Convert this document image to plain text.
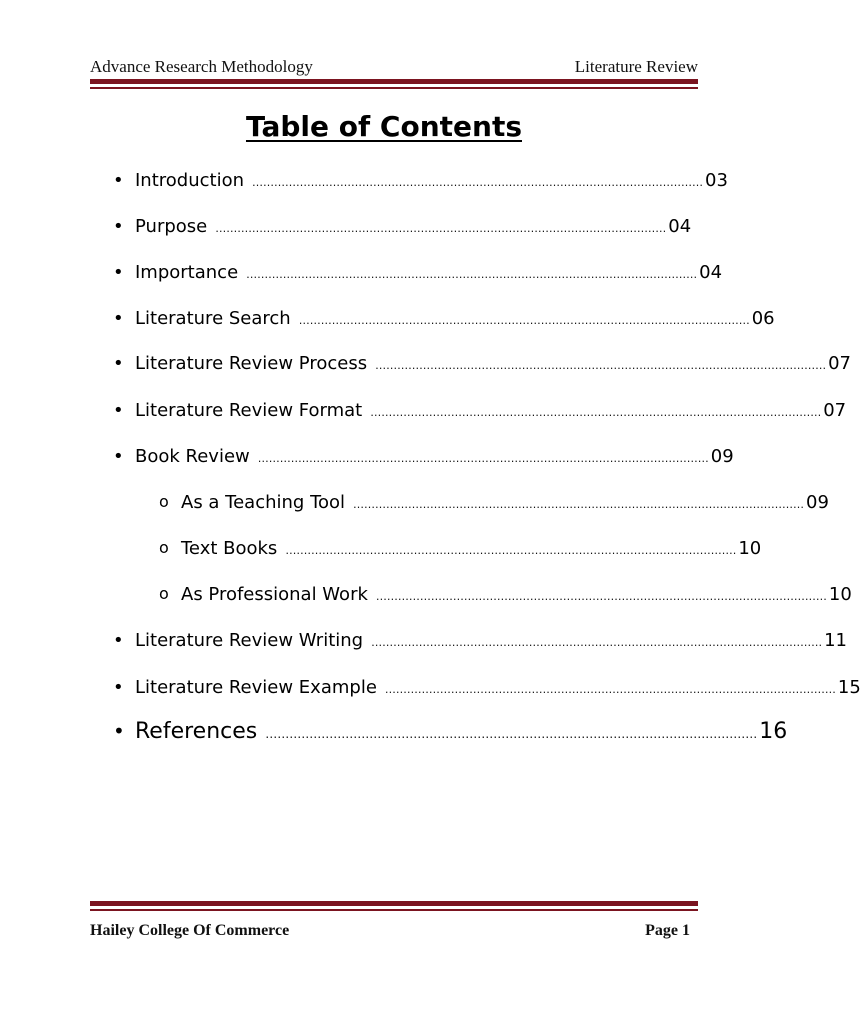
Advance Research Methodology	Literature Review
Table of Contents
• Introduction …………………………………………………………………………………………………………… 03
• Purpose …………………………………………………………………………………………………………… 04
• Importance …………………………………………………………………………………………………………… 04
• Literature Search …………………………………………………………………………………………………………… 06
• Literature Review Process …………………………………………………………………………………………………………… 07
• Literature Review Format …………………………………………………………………………………………………………… 07
• Book Review …………………………………………………………………………………………………………… 09
o As a Teaching Tool …………………………………………………………………………………………………………… 09
o Text Books …………………………………………………………………………………………………………… 10
o As Professional Work …………………………………………………………………………………………………………… 10
• Literature Review Writing …………………………………………………………………………………………………………… 11
• Literature Review Example …………………………………………………………………………………………………………… 15
• References …………………………………………………………………………………………………………… 16
Hailey College Of Commerce	Page 1
